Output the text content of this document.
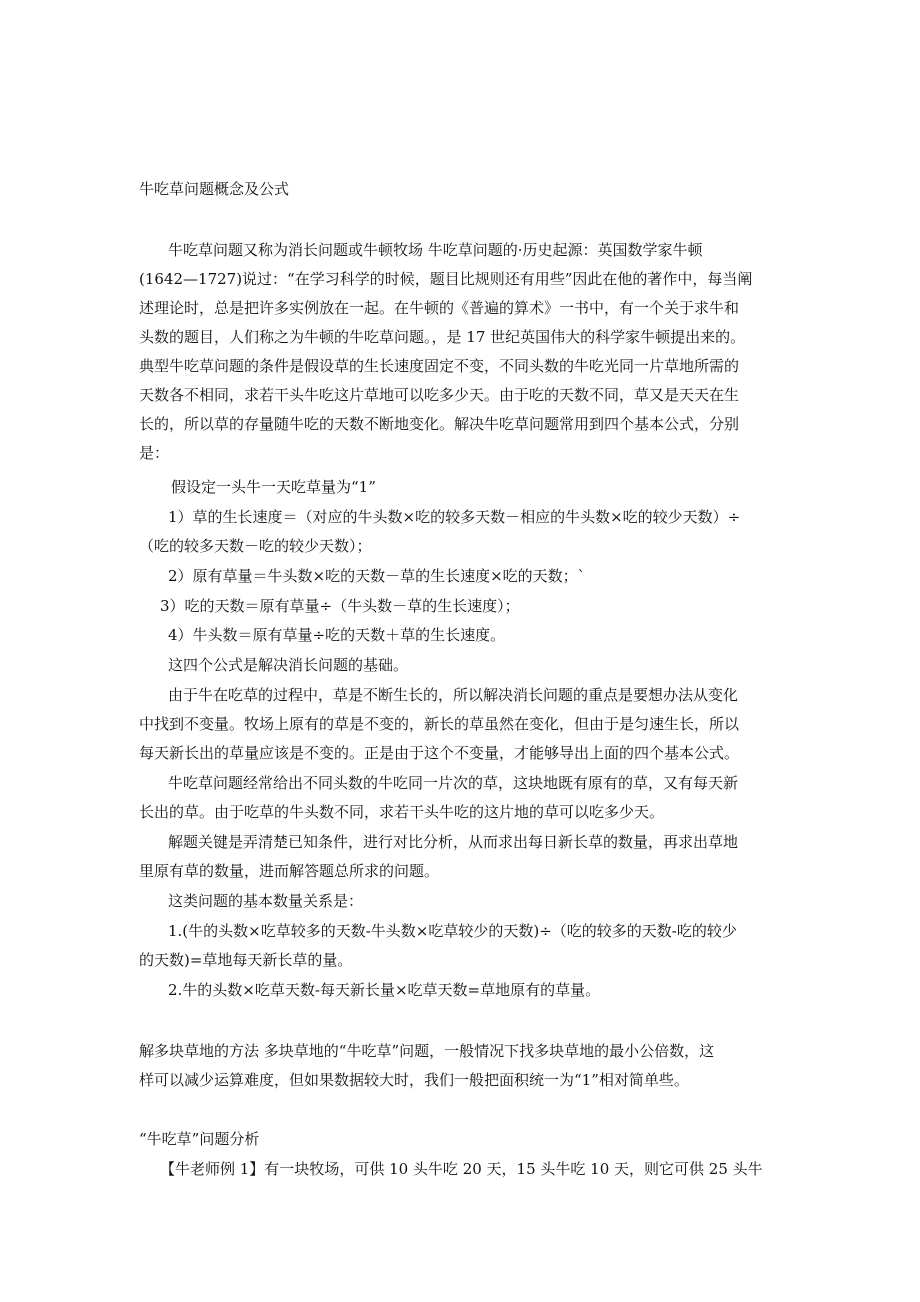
牛吃草问题概念及公式
牛吃草问题又称为消长问题或牛顿牧场 牛吃草问题的·历史起源：英国数学家牛顿
(1642—1727)说过：“在学习科学的时候，题目比规则还有用些”因此在他的著作中，每当阐
述理论时，总是把许多实例放在一起。在牛顿的《普遍的算术》一书中，有一个关于求牛和
头数的题目，人们称之为牛顿的牛吃草问题。，是 17 世纪英国伟大的科学家牛顿提出来的。
典型牛吃草问题的条件是假设草的生长速度固定不变，不同头数的牛吃光同一片草地所需的
天数各不相同，求若干头牛吃这片草地可以吃多少天。由于吃的天数不同，草又是天天在生
长的，所以草的存量随牛吃的天数不断地变化。解决牛吃草问题常用到四个基本公式，分别
是：
假设定一头牛一天吃草量为“1”
1）草的生长速度＝（对应的牛头数×吃的较多天数－相应的牛头数×吃的较少天数）÷
（吃的较多天数－吃的较少天数）；
2）原有草量＝牛头数×吃的天数－草的生长速度×吃的天数；`
3）吃的天数＝原有草量÷（牛头数－草的生长速度）；
4）牛头数＝原有草量÷吃的天数＋草的生长速度。
这四个公式是解决消长问题的基础。
由于牛在吃草的过程中，草是不断生长的，所以解决消长问题的重点是要想办法从变化
中找到不变量。牧场上原有的草是不变的，新长的草虽然在变化，但由于是匀速生长，所以
每天新长出的草量应该是不变的。正是由于这个不变量，才能够导出上面的四个基本公式。
牛吃草问题经常给出不同头数的牛吃同一片次的草，这块地既有原有的草，又有每天新
长出的草。由于吃草的牛头数不同，求若干头牛吃的这片地的草可以吃多少天。
解题关键是弄清楚已知条件，进行对比分析，从而求出每日新长草的数量，再求出草地
里原有草的数量，进而解答题总所求的问题。
这类问题的基本数量关系是：
1.(牛的头数×吃草较多的天数-牛头数×吃草较少的天数)÷（吃的较多的天数-吃的较少
的天数)=草地每天新长草的量。
2.牛的头数×吃草天数-每天新长量×吃草天数=草地原有的草量。
解多块草地的方法 多块草地的“牛吃草”问题，一般情况下找多块草地的最小公倍数，这
样可以减少运算难度，但如果数据较大时，我们一般把面积统一为“1”相对简单些。
“牛吃草”问题分析
【牛老师例 1】有一块牧场，可供 10 头牛吃 20 天，15 头牛吃 10 天，则它可供 25 头牛
